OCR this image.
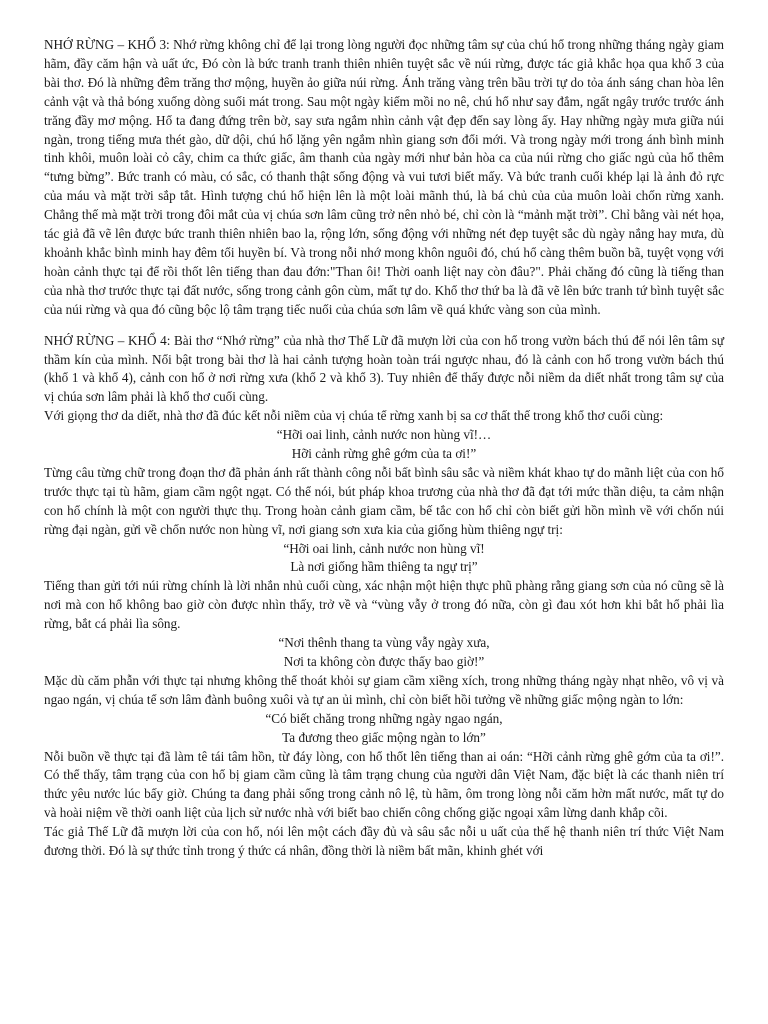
NHỚ RỪNG – KHỔ 3: Nhớ rừng không chỉ để lại trong lòng người đọc những tâm sự của chú hổ trong những tháng ngày giam hãm, đầy căm hận và uất ức, Đó còn là bức tranh tranh thiên nhiên tuyệt sắc về núi rừng, được tác giả khắc họa qua khổ 3 của bài thơ. Đó là những đêm trăng thơ mộng, huyền ảo giữa núi rừng. Ánh trăng vàng trên bầu trời tự do tỏa ánh sáng chan hòa lên cảnh vật và thả bóng xuống dòng suối mát trong. Sau một ngày kiếm mồi no nê, chú hổ như say đắm, ngất ngây trước trước ánh trăng đầy mơ mộng. Hổ ta đang đứng trên bờ, say sưa ngắm nhìn cảnh vật đẹp đến say lòng ấy. Hay những ngày mưa giữa núi ngàn, trong tiếng mưa thét gào, dữ dội, chú hổ lặng yên ngắm nhìn giang sơn đổi mới. Và trong ngày mới trong ánh bình minh tinh khôi, muôn loài cỏ cây, chim ca thức giấc, âm thanh của ngày mới như bản hòa ca của núi rừng cho giấc ngủ của hổ thêm “tưng bừng”. Bức tranh có màu, có sắc, có thanh thật sống động và vui tươi biết mấy. Và bức tranh cuối khép lại là ảnh đỏ rực của máu và mặt trời sắp tắt. Hình tượng chú hổ hiện lên là một loài mãnh thú, là bá chủ của của muôn loài chốn rừng xanh. Chẳng thế mà mặt trời trong đôi mắt của vị chúa sơn lâm cũng trở nên nhỏ bé, chỉ còn là “mảnh mặt trời”. Chỉ bằng vài nét họa, tác giả đã vẽ lên được bức tranh thiên nhiên bao la, rộng lớn, sống động với những nét đẹp tuyệt sắc dù ngày nắng hay mưa, dù khoảnh khắc bình minh hay đêm tối huyền bí. Và trong nỗi nhớ mong khôn nguôi đó, chú hổ càng thêm buồn bã, tuyệt vọng với hoàn cảnh thực tại để rồi thốt lên tiếng than đau đớn:"Than ôi! Thời oanh liệt nay còn đâu?". Phải chăng đó cũng là tiếng than của nhà thơ trước thực tại đất nước, sống trong cảnh gôn cùm, mất tự do. Khổ thơ thứ ba là đã vẽ lên bức tranh tứ bình tuyệt sắc của núi rừng và qua đó cũng bộc lộ tâm trạng tiếc nuối của chúa sơn lâm về quá khức vàng son của mình.

NHỚ RỪNG – KHỔ 4: Bài thơ “Nhớ rừng” của nhà thơ Thế Lữ đã mượn lời của con hổ trong vườn bách thú để nói lên tâm sự thầm kín của mình. Nổi bật trong bài thơ là hai cảnh tượng hoàn toàn trái ngược nhau, đó là cảnh con hổ trong vườn bách thú (khổ 1 và khổ 4), cảnh con hổ ở nơi rừng xưa (khổ 2 và khổ 3). Tuy nhiên để thấy được nỗi niềm da diết nhất trong tâm sự của vị chúa sơn lâm phải là khổ thơ cuối cùng.

Với giọng thơ da diết, nhà thơ đã đúc kết nỗi niềm của vị chúa tể rừng xanh bị sa cơ thất thế trong khổ thơ cuối cùng:

“Hỡi oai linh, cảnh nước non hùng vĩ!…

Hỡi cảnh rừng ghê gớm của ta ơi!”

Từng câu từng chữ trong đoạn thơ đã phản ánh rất thành công nỗi bất bình sâu sắc và niềm khát khao tự do mãnh liệt của con hổ trước thực tại tù hãm, giam cầm ngột ngạt. Có thể nói, bút pháp khoa trương của nhà thơ đã đạt tới mức thần diệu, ta cảm nhận con hổ chính là một con người thực thụ. Trong hoàn cảnh giam cầm, bế tắc con hổ chỉ còn biết gửi hồn mình về với chốn núi rừng đại ngàn, gửi về chốn nước non hùng vĩ, nơi giang sơn xưa kia của giống hùm thiêng ngự trị:

“Hỡi oai linh, cảnh nước non hùng vĩ!

Là nơi giống hầm thiêng ta ngự trị”

Tiếng than gửi tới núi rừng chính là lời nhắn nhủ cuối cùng, xác nhận một hiện thực phũ phàng rằng giang sơn của nó cũng sẽ là nơi mà con hổ không bao giờ còn được nhìn thấy, trở về và “vùng vẫy ở trong đó nữa, còn gì đau xót hơn khi bắt hổ phải lìa rừng, bắt cá phải lìa sông.

“Nơi thênh thang ta vùng vẫy ngày xưa,

Nơi ta không còn được thấy bao giờ!”

Mặc dù căm phẫn với thực tại nhưng không thể thoát khỏi sự giam cầm xiềng xích, trong những tháng ngày nhạt nhẽo, vô vị và ngao ngán, vị chúa tể sơn lâm đành buông xuôi và tự an ủi mình, chỉ còn biết hồi tưởng về những giấc mộng ngàn to lớn:

“Có biết chăng trong những ngày ngao ngán,

Ta đương theo giấc mộng ngàn to lớn”

Nỗi buồn về thực tại đã làm tê tái tâm hồn, từ đáy lòng, con hổ thốt lên tiếng than ai oán: “Hỡi cảnh rừng ghê gớm của ta ơi!”. Có thể thấy, tâm trạng của con hổ bị giam cầm cũng là tâm trạng chung của người dân Việt Nam, đặc biệt là các thanh niên trí thức yêu nước lúc bấy giờ. Chúng ta đang phải sống trong cảnh nô lệ, tù hãm, ôm trong lòng nỗi căm hờn mất nước, mất tự do và hoài niệm về thời oanh liệt của lịch sử nước nhà với biết bao chiến công chống giặc ngoại xâm lừng danh khắp cõi.

Tác giả Thế Lữ đã mượn lời của con hổ, nói lên một cách đầy đủ và sâu sắc nỗi u uất của thế hệ thanh niên trí thức Việt Nam đương thời. Đó là sự thức tỉnh trong ý thức cá nhân, đồng thời là niềm bất mãn, khinh ghét với
